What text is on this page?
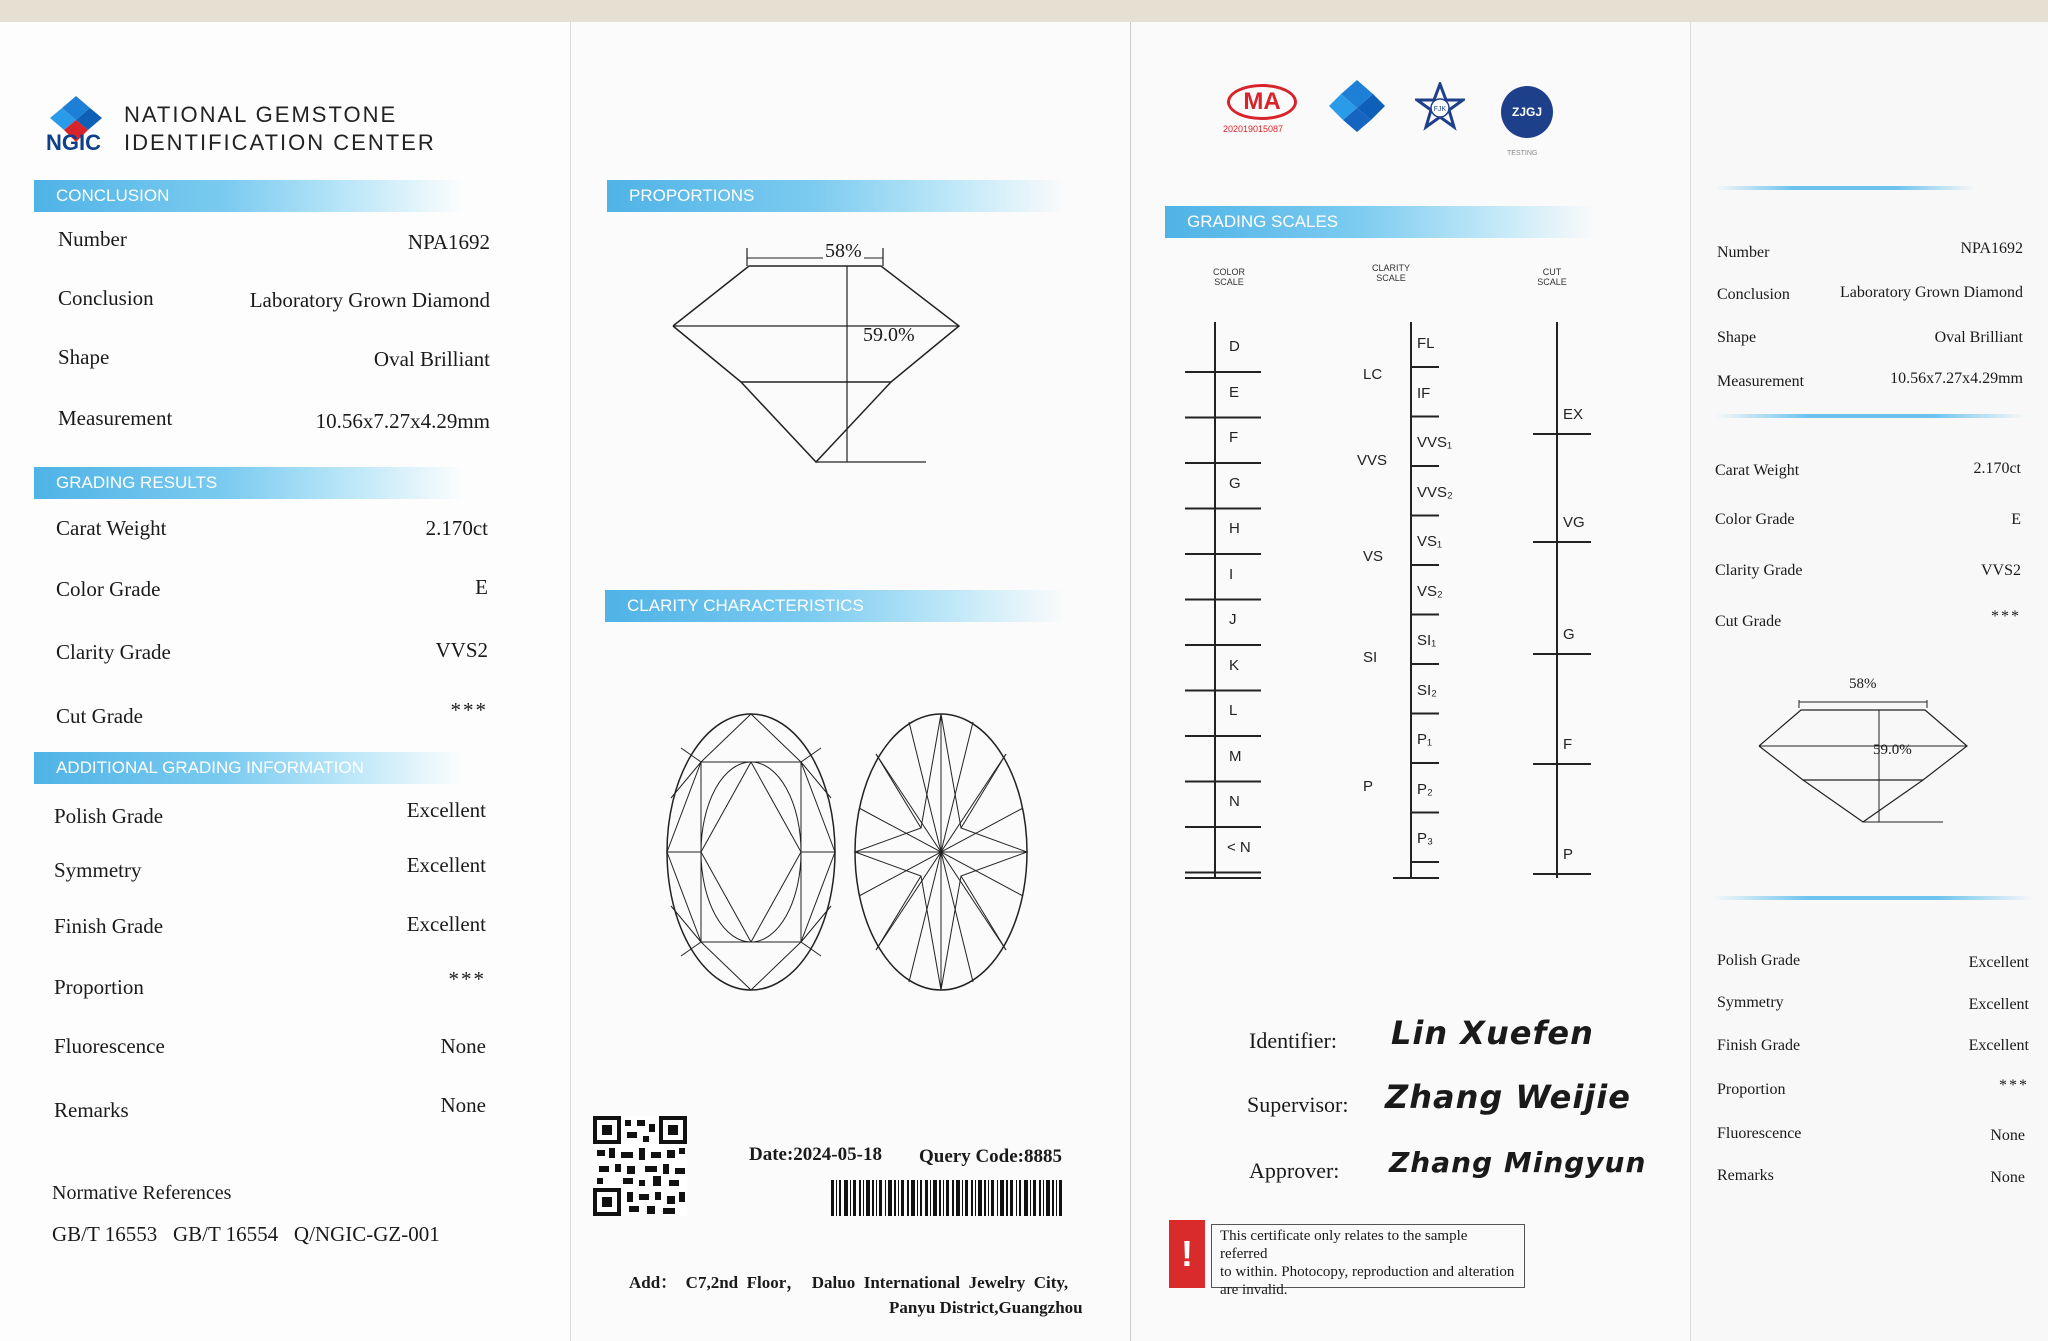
NGIC
NATIONAL GEMSTONE
IDENTIFICATION CENTER
CONCLUSION
Number	NPA1692
Conclusion	Laboratory Grown Diamond
Shape	Oval Brilliant
Measurement	10.56x7.27x4.29mm
GRADING RESULTS
Carat Weight	2.170ct
Color Grade	E
Clarity Grade	VVS2
Cut Grade	***
ADDITIONAL GRADING INFORMATION
Polish Grade	Excellent
Symmetry	Excellent
Finish Grade	Excellent
Proportion	***
Fluorescence	None
Remarks	None
Normative References
GB/T 16553   GB/T 16554   Q/NGIC-GZ-001
PROPORTIONS
58%
59.0%
CLARITY CHARACTERISTICS
Date:2024-05-18 Query Code:8885
Add：  C7,2nd  Floor，  Daluo  International  Jewelry  City,
Panyu District,Guangzhou
MA
202019015087
FJK	ZJGJ
TESTING
GRADING SCALES
COLOR
SCALE
CLARITY
SCALE
CUT
SCALE
Identifier: Lin Xuefen
Supervisor: Zhang Weijie
Approver: Zhang Mingyun
!	This certificate only relates to the sample referred
to within. Photocopy, reproduction and alteration
are invalid.
D
E
F
G
H
I
J
K
L
M
N
< N
FL
IF
VVS₁
VVS₂
VS₁
VS₂
SI₁
SI₂
P₁
P₂
P₃
LC
VVS
VS
SI
P
EX
VG
G
F
P
Number	NPA1692
Conclusion	Laboratory Grown Diamond
Shape	Oval Brilliant
Measurement	10.56x7.27x4.29mm
Carat Weight	2.170ct
Color Grade	E
Clarity Grade	VVS2
Cut Grade	***
58%
59.0%
Polish Grade	Excellent
Symmetry	Excellent
Finish Grade	Excellent
Proportion	***
Fluorescence	None
Remarks	None
